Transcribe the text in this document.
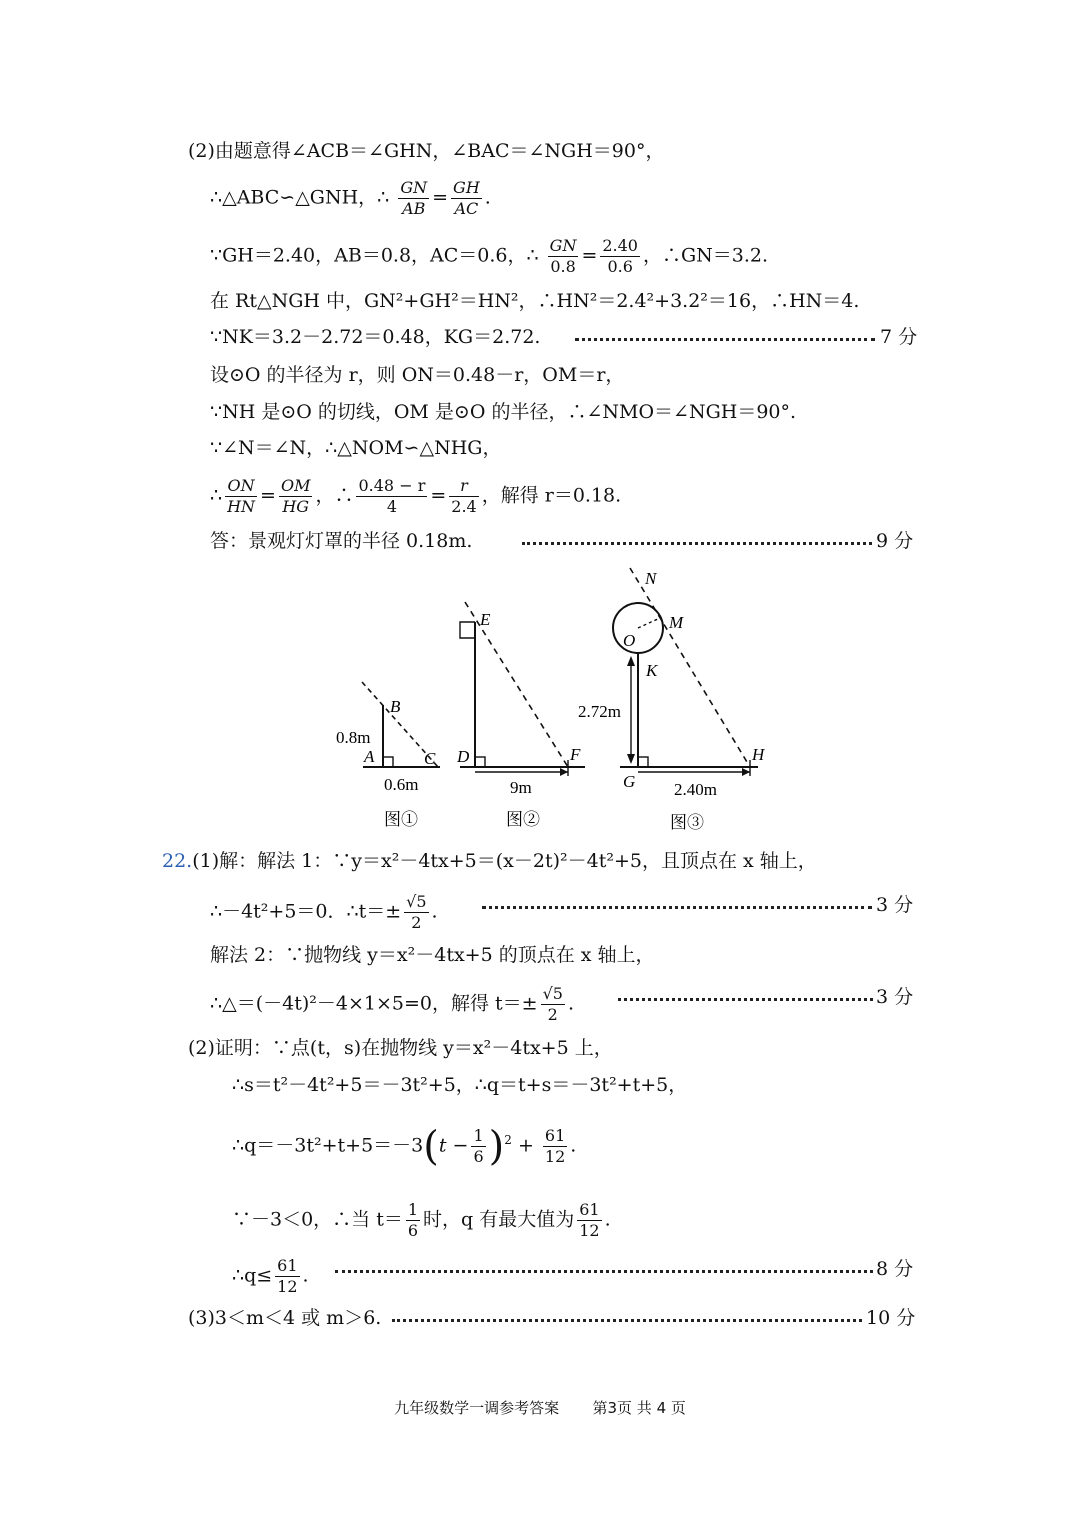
(2)由题意得∠ACB＝∠GHN，∠BAC＝∠NGH＝90°，
∴△ABC∽△GNH，∴ $\frac{GN}{AB} = \frac{GH}{AC}$ .
∵GH＝2.40，AB＝0.8，AC＝0.6，∴ $\frac{GN}{0.8} = \frac{2.40}{0.6}$ ，∴GN＝3.2.
在 Rt△NGH 中，GN²+GH²＝HN²，∴HN²＝2.4²+3.2²＝16，∴HN＝4.
∵NK＝3.2－2.72＝0.48，KG＝2.72.	7 分
设⊙O 的半径为 r，则 ON＝0.48－r，OM＝r，
∵NH 是⊙O 的切线，OM 是⊙O 的半径，∴∠NMO＝∠NGH＝90°.
∵∠N＝∠N，∴△NOM∽△NHG，
∴ $\frac{ON}{HN} = \frac{OM}{HG}$ ，∴ $\frac{0.48 - r}{4} = \frac{r}{2.4}$ ，解得 r＝0.18.
答：景观灯灯罩的半径 0.18m.	9 分
B
A	C
0.8m
0.6m
图①
E
D	F
9m
图②
N
M
O
K
G
H
2.72m
2.40m
图③
22.(1)解：解法 1：∵y＝x²－4tx+5＝(x－2t)²－4t²+5，且顶点在 x 轴上，
∴－4t²+5＝0．∴t＝± $\frac{√5}{2}$ .	3 分
解法 2：∵抛物线 y＝x²－4tx+5 的顶点在 x 轴上，
∴△＝(－4t)²－4×1×5=0，解得 $t=\pm \frac{√5}{2}$ .	3 分
(2)证明：∵点(t，s)在抛物线 y＝x²－4tx+5 上，
∴s＝t²－4t²+5＝－3t²+5，∴q＝t+s＝－3t²+t+5，
∴q＝－3t²+t+5＝－3(t − $\frac{1}{6} )^2 + \frac{61}{12}$ .
∵－3＜0，∴当 $t= \frac{1}{6}$ 时，q 有最大值为 $\frac{61}{12}$ .
∴q≤ $\frac{61}{12}$ .	8 分
(3)3＜m＜4 或 m＞6.	10 分
九年级数学一调参考答案 第3页 共 4 页
